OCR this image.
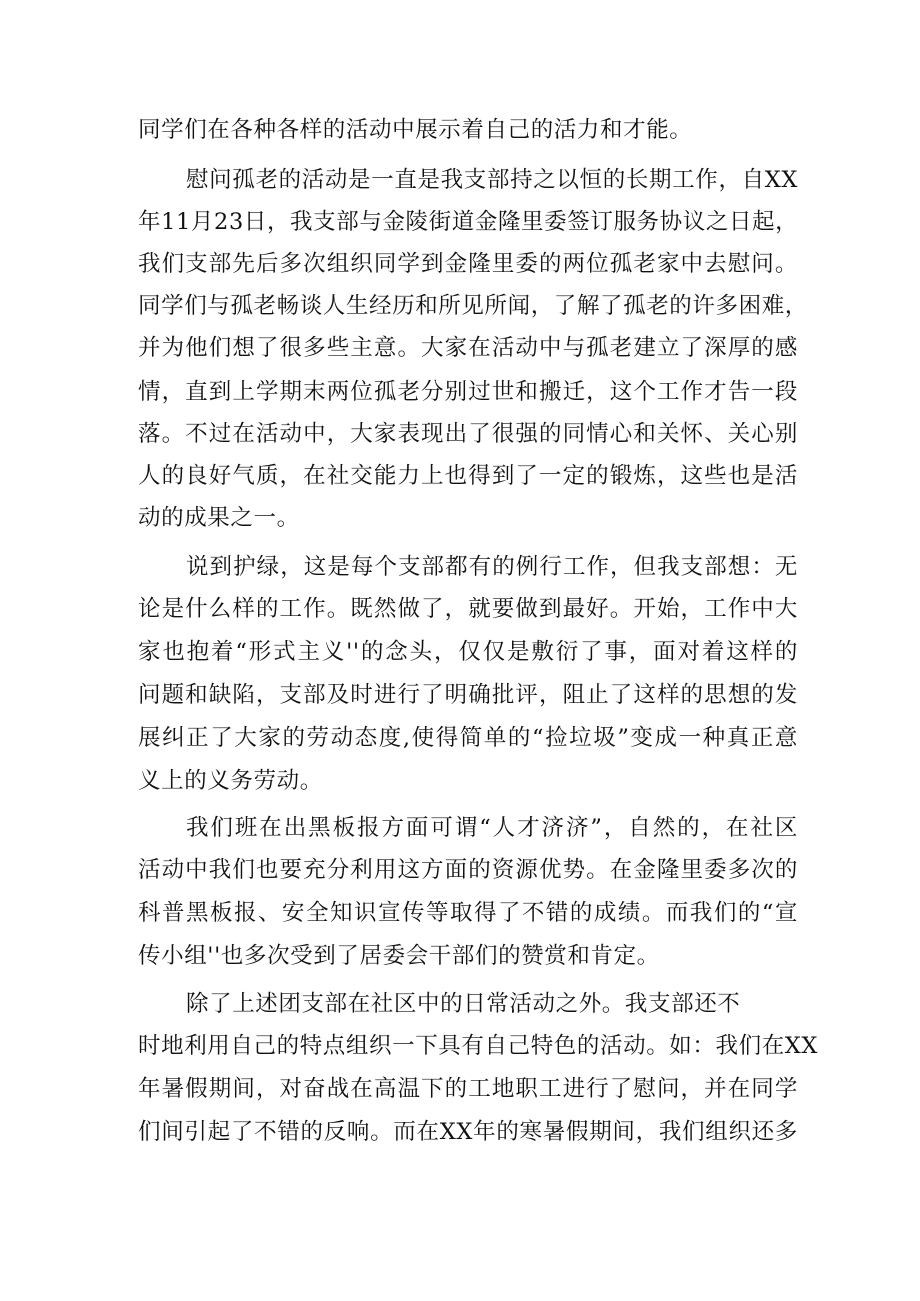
同学们在各种各样的活动中展示着自己的活力和才能。
慰问孤老的活动是一直是我支部持之以恒的长期工作，自XX
年11月23日，我支部与金陵街道金隆里委签订服务协议之日起，
我们支部先后多次组织同学到金隆里委的两位孤老家中去慰问。
同学们与孤老畅谈人生经历和所见所闻，了解了孤老的许多困难，
并为他们想了很多些主意。大家在活动中与孤老建立了深厚的感
情，直到上学期末两位孤老分别过世和搬迁，这个工作才告一段
落。不过在活动中，大家表现出了很强的同情心和关怀、关心别
人的良好气质，在社交能力上也得到了一定的锻炼，这些也是活
动的成果之一。
说到护绿，这是每个支部都有的例行工作，但我支部想：无
论是什么样的工作。既然做了，就要做到最好。开始，工作中大
家也抱着“形式主义''的念头，仅仅是敷衍了事，面对着这样的
问题和缺陷，支部及时进行了明确批评，阻止了这样的思想的发
展纠正了大家的劳动态度,使得简单的“捡垃圾”变成一种真正意
义上的义务劳动。
我们班在出黑板报方面可谓“人才济济”，自然的，在社区
活动中我们也要充分利用这方面的资源优势。在金隆里委多次的
科普黑板报、安全知识宣传等取得了不错的成绩。而我们的“宣
传小组''也多次受到了居委会干部们的赞赏和肯定。
除了上述团支部在社区中的日常活动之外。我支部还不
时地利用自己的特点组织一下具有自己特色的活动。如：我们在XX
年暑假期间，对奋战在高温下的工地职工进行了慰问，并在同学
们间引起了不错的反响。而在XX年的寒暑假期间，我们组织还多
